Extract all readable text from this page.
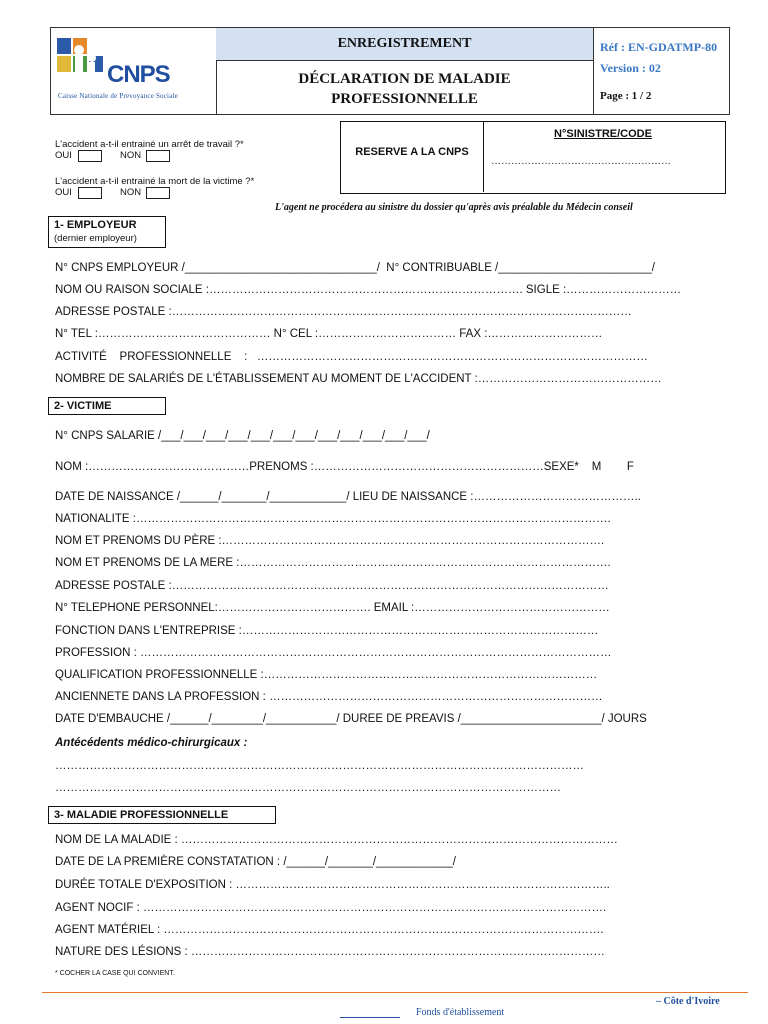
CNPS
Caisse Nationale de Prevoyance Sociale
ENREGISTREMENT
DÉCLARATION DE MALADIE
PROFESSIONNELLE
Réf : EN-GDATMP-80
Version : 02
Page : 1 / 2
L'accident a-t-il entrainé un arrêt de travail ?*
OUI	NON
L'accident a-t-il entrainé la mort de la victime ?*
OUI	NON
RESERVE A LA CNPS
N°SINISTRE/CODE
………………………………………………
L'agent ne procédera au sinistre du dossier qu'après avis préalable du Médecin conseil
1- EMPLOYEUR
(dernier employeur)
N° CNPS EMPLOYEUR /______________________________/  N° CONTRIBUABLE /________________________/
NOM OU RAISON SOCIALE :………………………………………………………………………. SIGLE :…………………………
ADRESSE POSTALE :…………………………………………………………………………………………………………
N° TEL :……………………………………… N° CEL :……………………………… FAX :…………………………
ACTIVITÉ    PROFESSIONNELLE    :   …………………………………………………………………………………………
NOMBRE DE SALARIÉS DE L'ÉTABLISSEMENT AU MOMENT DE L'ACCIDENT :…………………………………………
2- VICTIME
N° CNPS SALARIE /___/___/___/___/___/___/___/___/___/___/___/___/
NOM :……………………………………PRENOMS :……………………………………………………SEXE*    M        F
DATE DE NAISSANCE /______/_______/____________/ LIEU DE NAISSANCE :……………………………………..
NATIONALITE :…………………………………………………………………………………………………………….
NOM ET PRENOMS DU PÈRE :……………………………………………………………………………………….
NOM ET PRENOMS DE LA MERE :…………………………………………………………………………………….
ADRESSE POSTALE :……………………………………………………………………………………………………
N° TELEPHONE PERSONNEL:…………………………………. EMAIL :……………………………………………
FONCTION DANS L'ENTREPRISE :…………………………………………………………………………………
PROFESSION : ……………………………………………………………………………………………………………
QUALIFICATION PROFESSIONNELLE :……………………………………………………………………………
ANCIENNETE DANS LA PROFESSION : ……………………………………………………………………………
DATE D'EMBAUCHE /______/________/___________/ DUREE DE PREAVIS /______________________/ JOURS
Antécédents médico-chirurgicaux :
…………………………………………………………………………………………………………………………
……………………………………………………………………………………………………………………
3- MALADIE PROFESSIONNELLE
NOM DE LA MALADIE : ……………………………………………………………………………………………………
DATE DE LA PREMIÈRE CONSTATATION : /______/_______/____________/
DURÉE TOTALE D'EXPOSITION : ……………………………………………………………………………………..
AGENT NOCIF : ………………………………………………………………………………………………………….
AGENT MATÉRIEL : …………………………………………………………………………………………………….
NATURE DES LÉSIONS : ………………………………………………………………………………………………
* COCHER LA CASE QUI CONVIENT.
– Côte d'Ivoire
Fonds d'établissement
